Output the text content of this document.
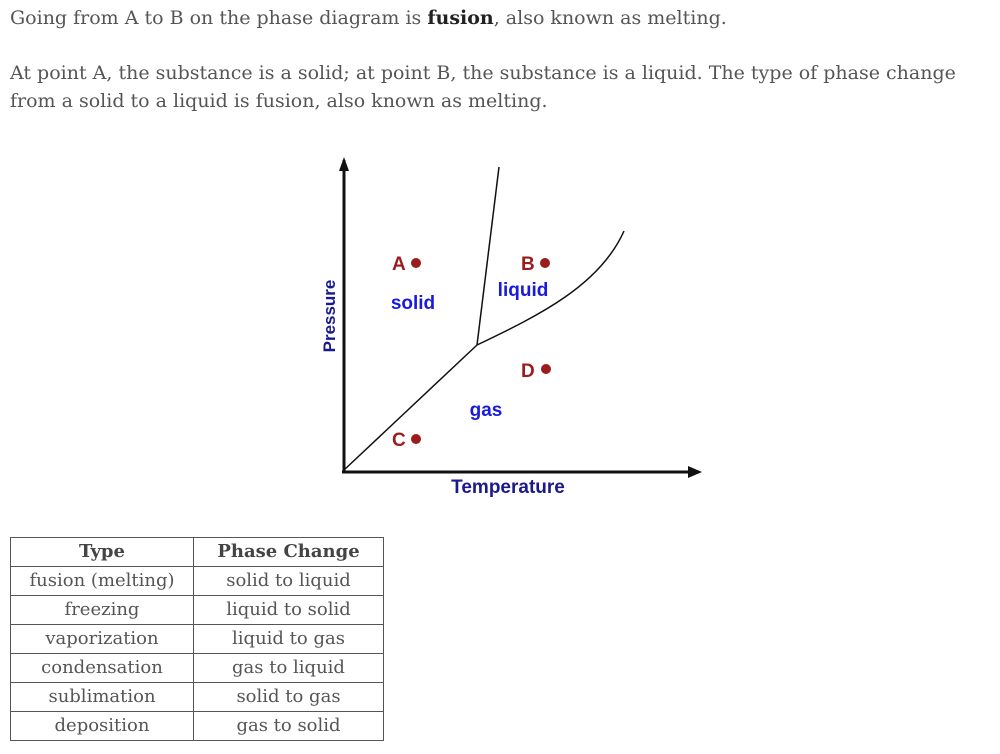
Going from A to B on the phase diagram is fusion, also known as melting.

At point A, the substance is a solid; at point B, the substance is a liquid. The type of phase change from a solid to a liquid is fusion, also known as melting.

Pressure
Temperature
solid
liquid
gas
A	B
C
D
Type	Phase Change
fusion (melting)	solid to liquid
freezing	liquid to solid
vaporization	liquid to gas
condensation	gas to liquid
sublimation	solid to gas
deposition	gas to solid
